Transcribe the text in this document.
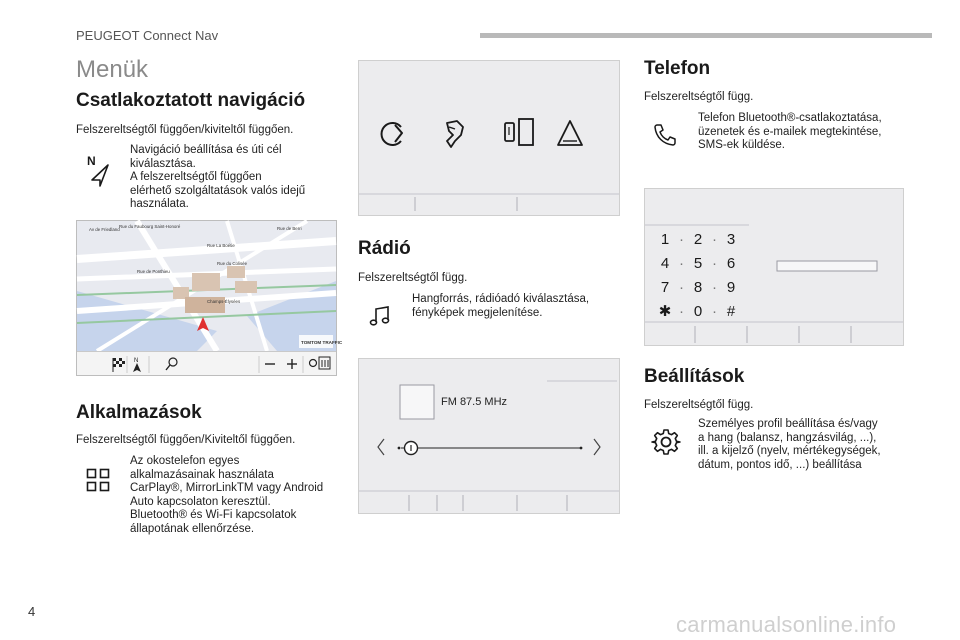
PEUGEOT Connect Nav
Menük
Csatlakoztatott navigáció
Felszereltségtől függően/kiviteltől függően.
N
Navigáció beállítása és úti cél
kiválasztása.
A felszereltségtől függően
elérhető szolgáltatások valós idejű
használata.
Av de Friedland
Rue du Faubourg Saint-Honoré
Rue La Boétie
Rue du Colisée
Rue de Berri
Rue de Ponthieu
Champs-Élysées
TOMTOM TRAFFIC
N
Alkalmazások
Felszereltségtől függően/Kiviteltől függően.
Az okostelefon egyes
alkalmazásainak használata
CarPlay®, MirrorLinkTM vagy Android
Auto kapcsolaton keresztül.
Bluetooth® és Wi-Fi kapcsolatok
állapotának ellenőrzése.
Rádió
Felszereltségtől függ.
Hangforrás, rádióadó kiválasztása,
fényképek megjelenítése.
FM 87.5 MHz
Telefon
Felszereltségtől függ.
Telefon Bluetooth®-csatlakoztatása,
üzenetek és e-mailek megtekintése,
SMS-ek küldése.
1 · 2 · 3
4 · 5 · 6
7 · 8 · 9
✱ · 0 · #
Beállítások
Felszereltségtől függ.
Személyes profil beállítása és/vagy
a hang (balansz, hangzásvilág, ...),
ill. a kijelző (nyelv, mértékegységek,
dátum, pontos idő, ...) beállítása
4
carmanualsonline.info
